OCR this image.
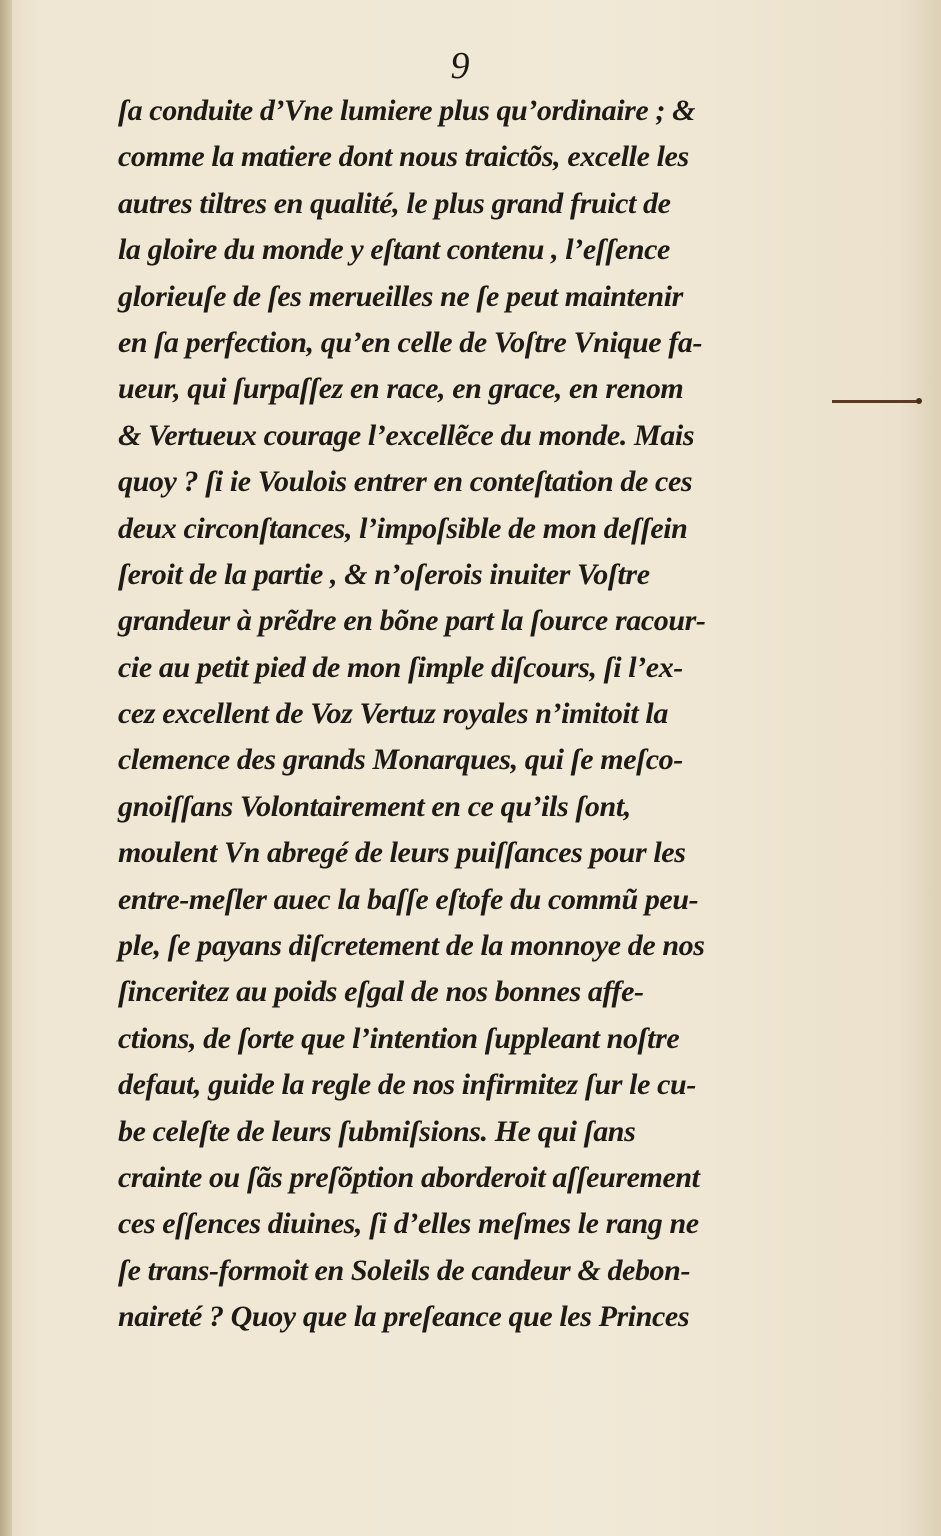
9
ſa conduite d’Vne lumiere plus qu’ordinaire ; &
comme la matiere dont nous traictõs, excelle les
autres tiltres en qualité, le plus grand fruict de
la gloire du monde y eſtant contenu , l’eſſence
glorieuſe de ſes merueilles ne ſe peut maintenir
en ſa perfection, qu’en celle de Voſtre Vnique fa-
ueur, qui ſurpaſſez en race, en grace, en renom
& Vertueux courage l’excellẽce du monde. Mais
quoy ? ſi ie Voulois entrer en conteſtation de ces
deux circonſtances, l’impoſsible de mon deſſein
ſeroit de la partie , & n’oſerois inuiter Voſtre
grandeur à prẽdre en bõne part la ſource racour-
cie au petit pied de mon ſimple diſcours, ſi l’ex-
cez excellent de Voz Vertuz royales n’imitoit la
clemence des grands Monarques, qui ſe meſco-
gnoiſſans Volontairement en ce qu’ils ſont,
moulent Vn abregé de leurs puiſſances pour les
entre-meſler auec la baſſe eſtofe du commũ peu-
ple, ſe payans diſcretement de la monnoye de nos
ſinceritez au poids eſgal de nos bonnes affe-
ctions, de ſorte que l’intention ſuppleant noſtre
defaut, guide la regle de nos infirmitez ſur le cu-
be celeſte de leurs ſubmiſsions. He qui ſans
crainte ou ſãs preſõption aborderoit aſſeurement
ces eſſences diuines, ſi d’elles meſmes le rang ne
ſe trans-formoit en Soleils de candeur & debon-
naireté ? Quoy que la preſeance que les Princes
